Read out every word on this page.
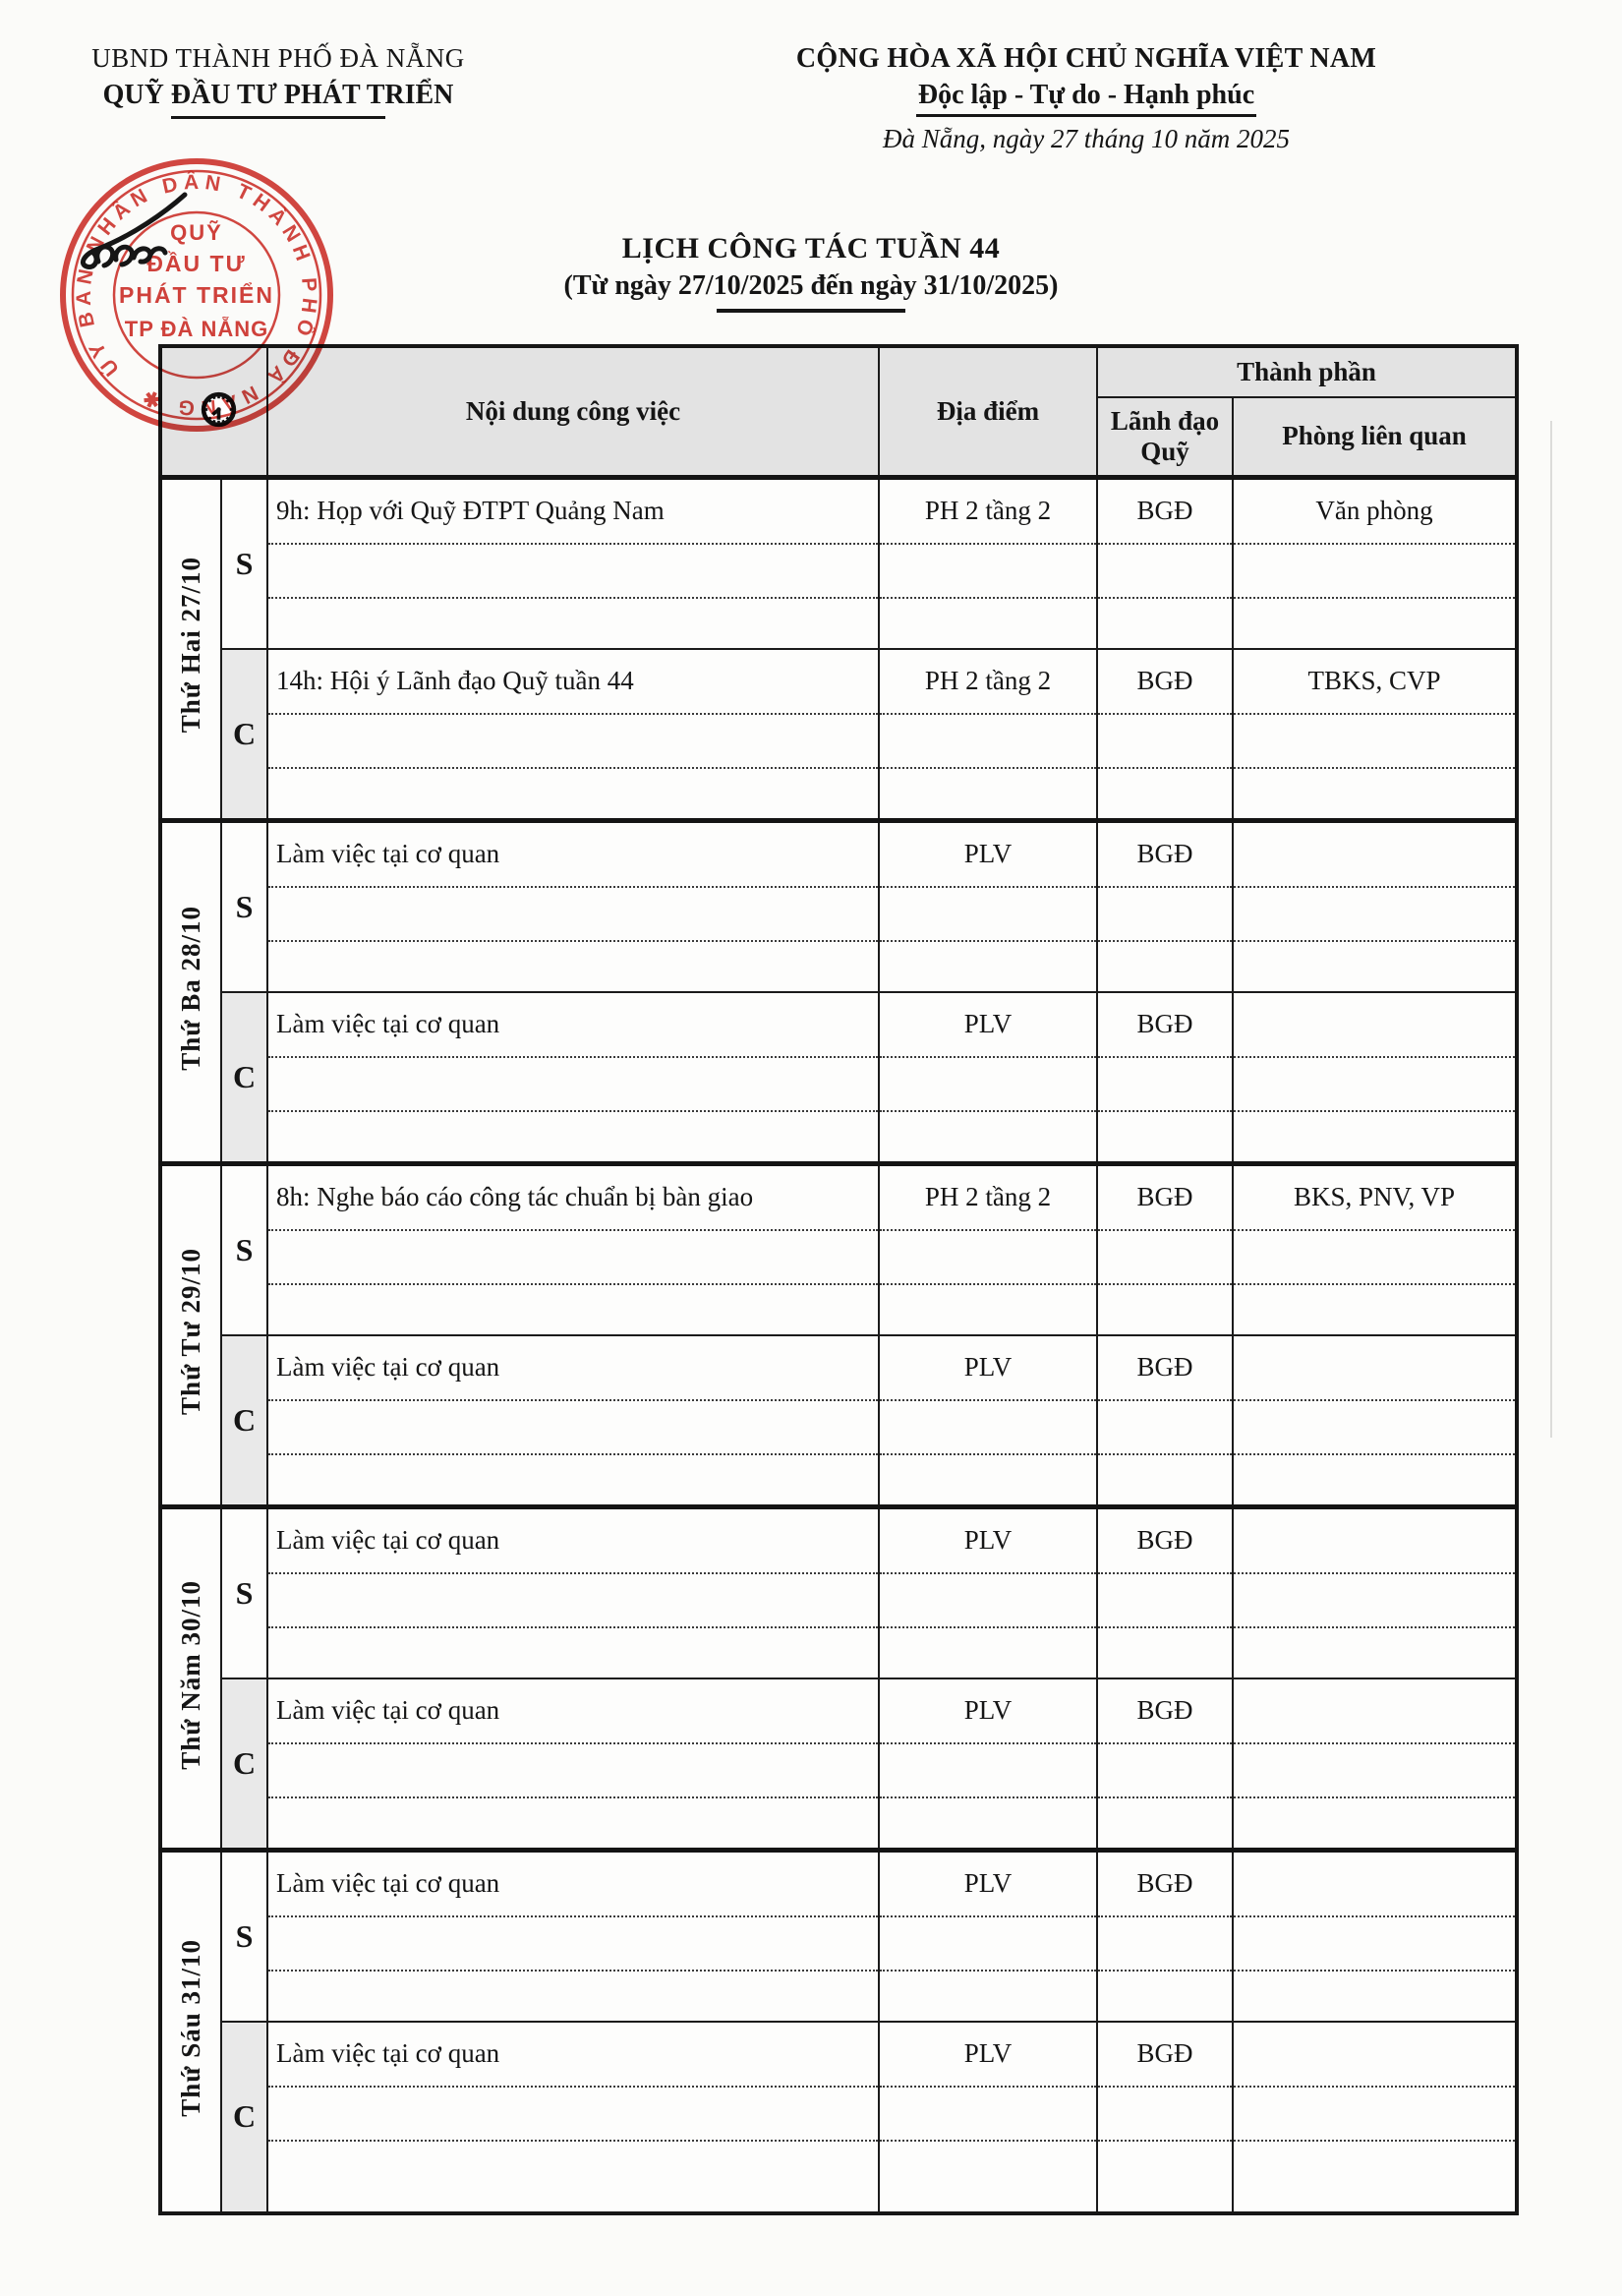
UBND THÀNH PHỐ ĐÀ NẴNG
QUỸ ĐẦU TƯ PHÁT TRIỂN
CỘNG HÒA XÃ HỘI CHỦ NGHĨA VIỆT NAM
Độc lập - Tự do - Hạnh phúc
Đà Nẵng, ngày 27 tháng 10 năm 2025
LỊCH CÔNG TÁC TUẦN 44
(Từ ngày 27/10/2025 đến ngày 31/10/2025)
	Nội dung công việc	Địa điểm	Thành phần	
				Lãnh đạo Quỹ	Phòng liên quan
Thứ Hai 27/10	S	9h: Họp với Quỹ ĐTPT Quảng Nam	PH 2 tầng 2	BGĐ	Văn phòng

	C	14h: Hội ý Lãnh đạo Quỹ tuần 44	PH 2 tầng 2	BGĐ	TBKS, CVP

Thứ Ba 28/10	S	Làm việc tại cơ quan	PLV	BGĐ	

	C	Làm việc tại cơ quan	PLV	BGĐ	

Thứ Tư 29/10	S	8h: Nghe báo cáo công tác chuẩn bị bàn giao	PH 2 tầng 2	BGĐ	BKS, PNV, VP

	C	Làm việc tại cơ quan	PLV	BGĐ	

Thứ Năm 30/10	S	Làm việc tại cơ quan	PLV	BGĐ	

	C	Làm việc tại cơ quan	PLV	BGĐ	

Thứ Sáu 31/10	S	Làm việc tại cơ quan	PLV	BGĐ	

	C	Làm việc tại cơ quan	PLV	BGĐ	

ỦY BAN NHÂN DÂN THÀNH PHỐ ĐÀ NẴNG ✱
QUỸ
ĐẦU TƯ
PHÁT TRIỂN
TP ĐÀ NẴNG
